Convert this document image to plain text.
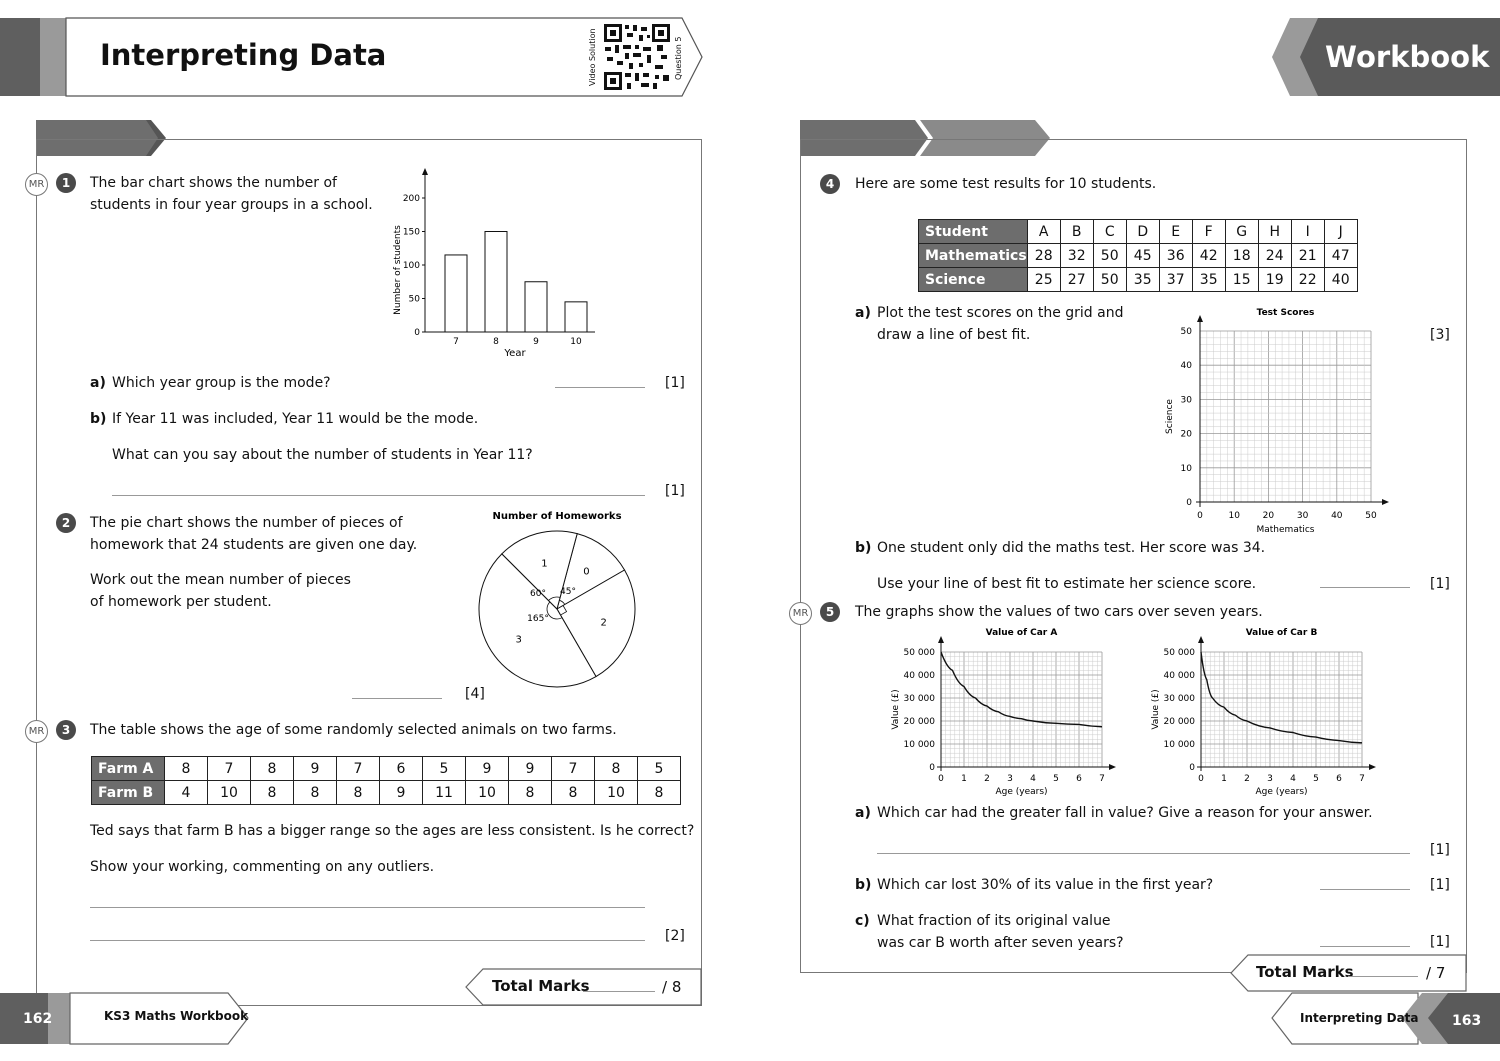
Interpreting Data	Workbook
Video Solution	Question 5
MR	1	The bar chart shows the number of
students in four year groups in a school.
0
50
100
150
200
7	8	9	10
Year
Number of students
a) Which year group is the mode?	[1]
b) If Year 11 was included, Year 11 would be the mode.
What can you say about the number of students in Year 11?
[1]
2	The pie chart shows the number of pieces of
homework that 24 students are given one day.
Work out the mean number of pieces
of homework per student.
Number of Homeworks
0
2
3
1
60° 45°
165°
[4]
MR	3	The table shows the age of some randomly selected animals on two farms.
Farm A	8	7	8	9	7	6	5	9	9	7	8	5
Farm B	4	10	8	8	8	9	11	10	8	8	10	8
Ted says that farm B has a bigger range so the ages are less consistent. Is he correct?
Show your working, commenting on any outliers.
[2]
Total Marks	/ 8
4	Here are some test results for 10 students.
Student	A	B	C	D	E	F	G	H	I	J
Mathematics	28	32	50	45	36	42	18	24	21	47
Science	25	27	50	35	37	35	15	19	22	40
a) Plot the test scores on the grid and
draw a line of best fit.	[3]
Test Scores
0	10	20	30	40	50
0
10
20
30
40
50
Mathematics
Science
b) One student only did the maths test. Her score was 34.
Use your line of best fit to estimate her science score.	[1]
MR	5	The graphs show the values of two cars over seven years.
Value of Car A
0 1 2 3 4 5 6 7
0
10 000
20 000
30 000
40 000
50 000
Age (years)
Value (£)
Value of Car B
0 1 2 3 4 5 6 7
0
10 000
20 000
30 000
40 000
50 000
Age (years)
Value (£)
a) Which car had the greater fall in value? Give a reason for your answer.
[1]
b) Which car lost 30% of its value in the first year?	[1]
c) What fraction of its original value
was car B worth after seven years?	[1]
Total Marks	/ 7
162	KS3 Maths Workbook	Interpreting Data 163
